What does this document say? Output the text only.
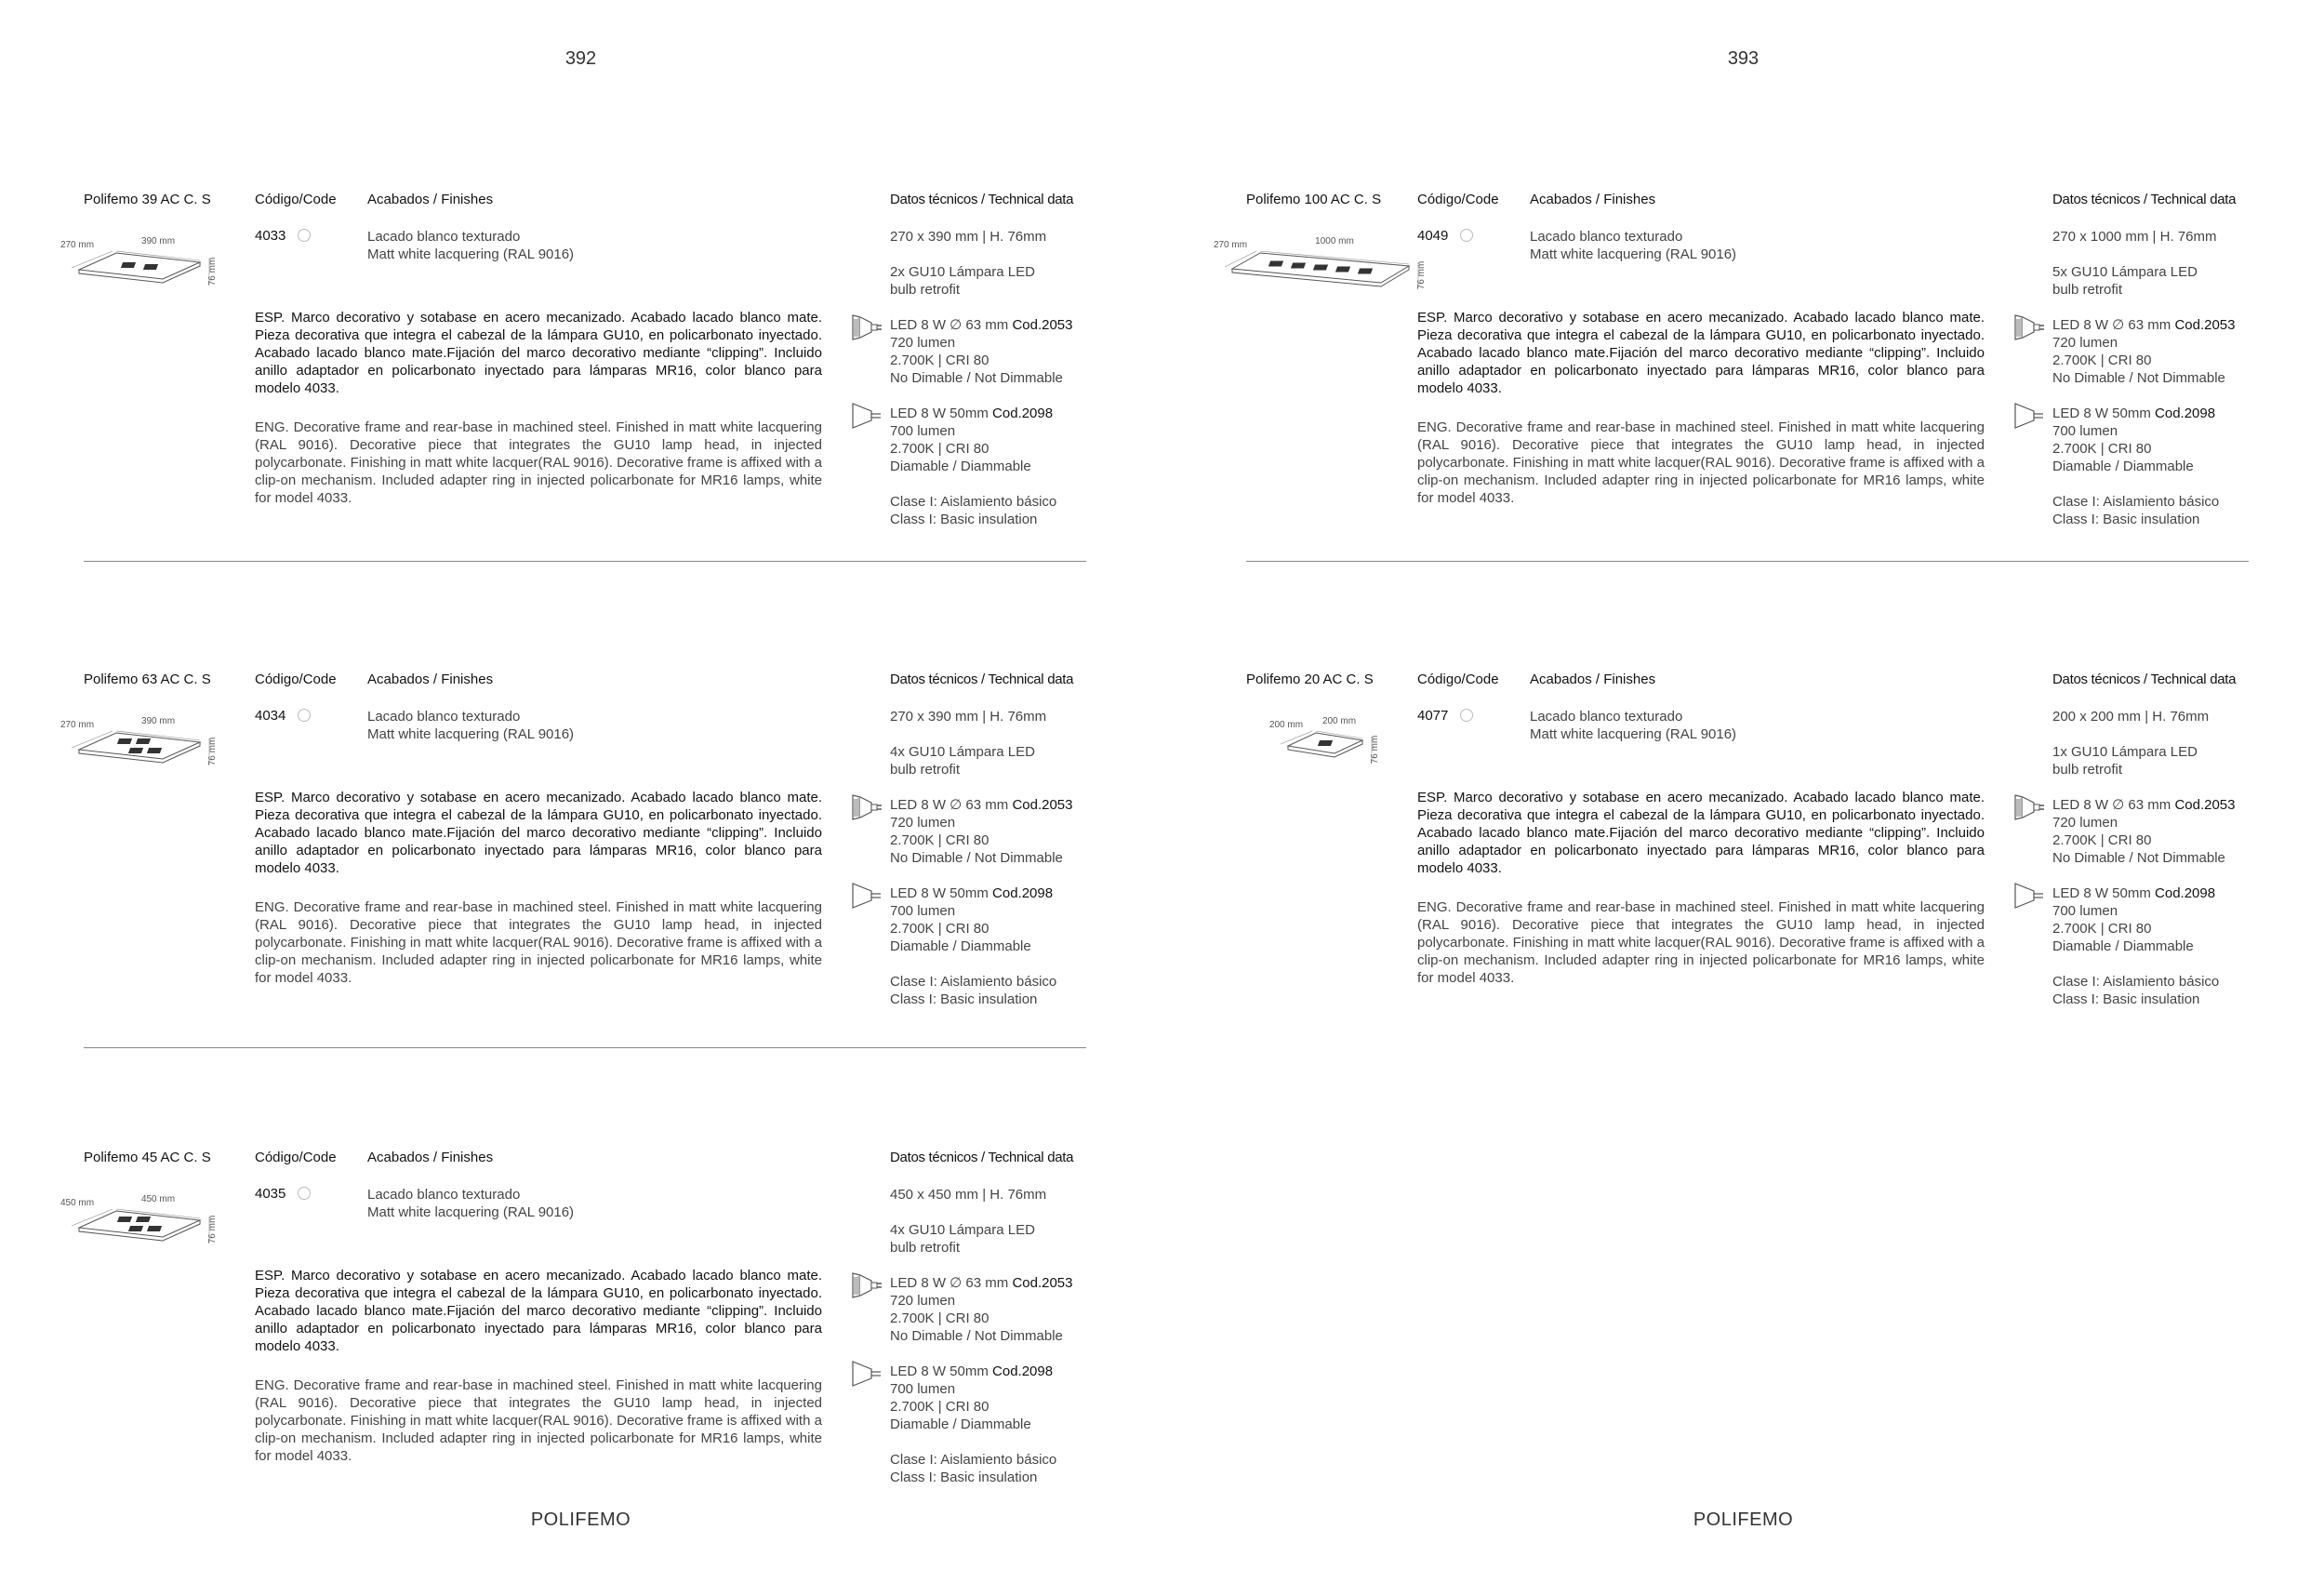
392
POLIFEMO
Polifemo 39 AC C. S	Código/Code Acabados / Finishes	Datos técnicos / Technical data
270 mm	390 mm
76 mm
4033	Lacado blanco texturado
Matt white lacquering (RAL 9016)
ESP. Marco decorativo y sotabase en acero mecanizado. Acabado lacado blanco mate. Pieza decorativa que integra el cabezal de la lámpara GU10, en policarbonato inyectado. Acabado lacado blanco mate.Fijación del marco decorativo mediante “clipping”. Incluido anillo adaptador en policarbonato inyectado para lámparas MR16, color blanco para modelo 4033.
ENG. Decorative frame and rear-base in machined steel. Finished in matt white lacquering (RAL 9016). Decorative piece that integrates the GU10 lamp head, in injected polycarbonate. Finishing in matt white lacquer(RAL 9016). Decorative frame is affixed with a clip-on mechanism. Included adapter ring in injected policarbonate for MR16 lamps, white for model 4033.
270 x 390 mm | H. 76mm
2x GU10 Lámpara LED
bulb retrofit
LED 8 W ∅ 63 mm Cod.2053
720 lumen
2.700K | CRI 80
No Dimable / Not Dimmable
LED 8 W 50mm Cod.2098
700 lumen
2.700K | CRI 80
Diamable / Diammable
Clase I: Aislamiento básico
Class I: Basic insulation
Polifemo 63 AC C. S	Código/Code Acabados / Finishes	Datos técnicos / Technical data
270 mm	390 mm
76 mm
4034	Lacado blanco texturado
Matt white lacquering (RAL 9016)
ESP. Marco decorativo y sotabase en acero mecanizado. Acabado lacado blanco mate. Pieza decorativa que integra el cabezal de la lámpara GU10, en policarbonato inyectado. Acabado lacado blanco mate.Fijación del marco decorativo mediante “clipping”. Incluido anillo adaptador en policarbonato inyectado para lámparas MR16, color blanco para modelo 4033.
ENG. Decorative frame and rear-base in machined steel. Finished in matt white lacquering (RAL 9016). Decorative piece that integrates the GU10 lamp head, in injected polycarbonate. Finishing in matt white lacquer(RAL 9016). Decorative frame is affixed with a clip-on mechanism. Included adapter ring in injected policarbonate for MR16 lamps, white for model 4033.
270 x 390 mm | H. 76mm
4x GU10 Lámpara LED
bulb retrofit
LED 8 W ∅ 63 mm Cod.2053
720 lumen
2.700K | CRI 80
No Dimable / Not Dimmable
LED 8 W 50mm Cod.2098
700 lumen
2.700K | CRI 80
Diamable / Diammable
Clase I: Aislamiento básico
Class I: Basic insulation
Polifemo 45 AC C. S	Código/Code Acabados / Finishes	Datos técnicos / Technical data
450 mm	450 mm
76 mm
4035	Lacado blanco texturado
Matt white lacquering (RAL 9016)
ESP. Marco decorativo y sotabase en acero mecanizado. Acabado lacado blanco mate. Pieza decorativa que integra el cabezal de la lámpara GU10, en policarbonato inyectado. Acabado lacado blanco mate.Fijación del marco decorativo mediante “clipping”. Incluido anillo adaptador en policarbonato inyectado para lámparas MR16, color blanco para modelo 4033.
ENG. Decorative frame and rear-base in machined steel. Finished in matt white lacquering (RAL 9016). Decorative piece that integrates the GU10 lamp head, in injected polycarbonate. Finishing in matt white lacquer(RAL 9016). Decorative frame is affixed with a clip-on mechanism. Included adapter ring in injected policarbonate for MR16 lamps, white for model 4033.
450 x 450 mm | H. 76mm
4x GU10 Lámpara LED
bulb retrofit
LED 8 W ∅ 63 mm Cod.2053
720 lumen
2.700K | CRI 80
No Dimable / Not Dimmable
LED 8 W 50mm Cod.2098
700 lumen
2.700K | CRI 80
Diamable / Diammable
Clase I: Aislamiento básico
Class I: Basic insulation
393
POLIFEMO
Polifemo 100 AC C. S	Código/Code Acabados / Finishes	Datos técnicos / Technical data
270 mm	1000 mm
76 mm
4049	Lacado blanco texturado
Matt white lacquering (RAL 9016)
ESP. Marco decorativo y sotabase en acero mecanizado. Acabado lacado blanco mate. Pieza decorativa que integra el cabezal de la lámpara GU10, en policarbonato inyectado. Acabado lacado blanco mate.Fijación del marco decorativo mediante “clipping”. Incluido anillo adaptador en policarbonato inyectado para lámparas MR16, color blanco para modelo 4033.
ENG. Decorative frame and rear-base in machined steel. Finished in matt white lacquering (RAL 9016). Decorative piece that integrates the GU10 lamp head, in injected polycarbonate. Finishing in matt white lacquer(RAL 9016). Decorative frame is affixed with a clip-on mechanism. Included adapter ring in injected policarbonate for MR16 lamps, white for model 4033.
270 x 1000 mm | H. 76mm
5x GU10 Lámpara LED
bulb retrofit
LED 8 W ∅ 63 mm Cod.2053
720 lumen
2.700K | CRI 80
No Dimable / Not Dimmable
LED 8 W 50mm Cod.2098
700 lumen
2.700K | CRI 80
Diamable / Diammable
Clase I: Aislamiento básico
Class I: Basic insulation
Polifemo 20 AC C. S	Código/Code Acabados / Finishes	Datos técnicos / Technical data
200 mm 200 mm
76 mm
4077	Lacado blanco texturado
Matt white lacquering (RAL 9016)
ESP. Marco decorativo y sotabase en acero mecanizado. Acabado lacado blanco mate. Pieza decorativa que integra el cabezal de la lámpara GU10, en policarbonato inyectado. Acabado lacado blanco mate.Fijación del marco decorativo mediante “clipping”. Incluido anillo adaptador en policarbonato inyectado para lámparas MR16, color blanco para modelo 4033.
ENG. Decorative frame and rear-base in machined steel. Finished in matt white lacquering (RAL 9016). Decorative piece that integrates the GU10 lamp head, in injected polycarbonate. Finishing in matt white lacquer(RAL 9016). Decorative frame is affixed with a clip-on mechanism. Included adapter ring in injected policarbonate for MR16 lamps, white for model 4033.
200 x 200 mm | H. 76mm
1x GU10 Lámpara LED
bulb retrofit
LED 8 W ∅ 63 mm Cod.2053
720 lumen
2.700K | CRI 80
No Dimable / Not Dimmable
LED 8 W 50mm Cod.2098
700 lumen
2.700K | CRI 80
Diamable / Diammable
Clase I: Aislamiento básico
Class I: Basic insulation
